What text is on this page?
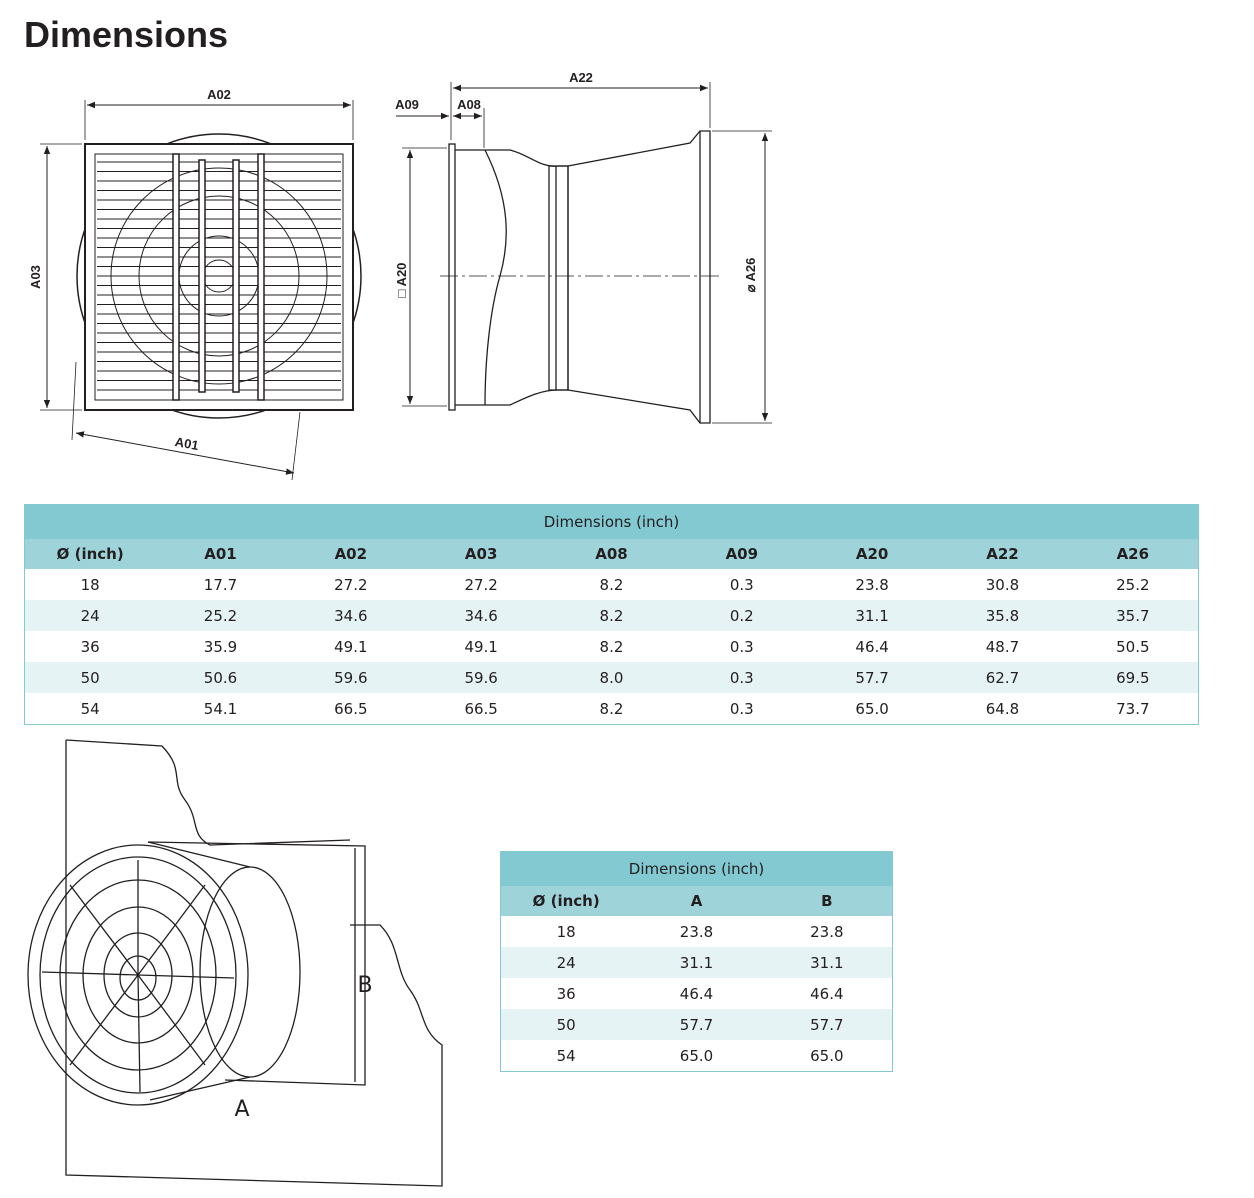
Dimensions
A02
A03
A01
A22
A09	A08
□ A20
⌀ A26
Dimensions (inch)								
Ø (inch)	A01	A02	A03	A08	A09	A20	A22	A26
18	17.7	27.2	27.2	8.2	0.3	23.8	30.8	25.2
24	25.2	34.6	34.6	8.2	0.2	31.1	35.8	35.7
36	35.9	49.1	49.1	8.2	0.3	46.4	48.7	50.5
50	50.6	59.6	59.6	8.0	0.3	57.7	62.7	69.5
54	54.1	66.5	66.5	8.2	0.3	65.0	64.8	73.7
A
B
Dimensions (inch)		
Ø (inch)	A	B
18	23.8	23.8
24	31.1	31.1
36	46.4	46.4
50	57.7	57.7
54	65.0	65.0
